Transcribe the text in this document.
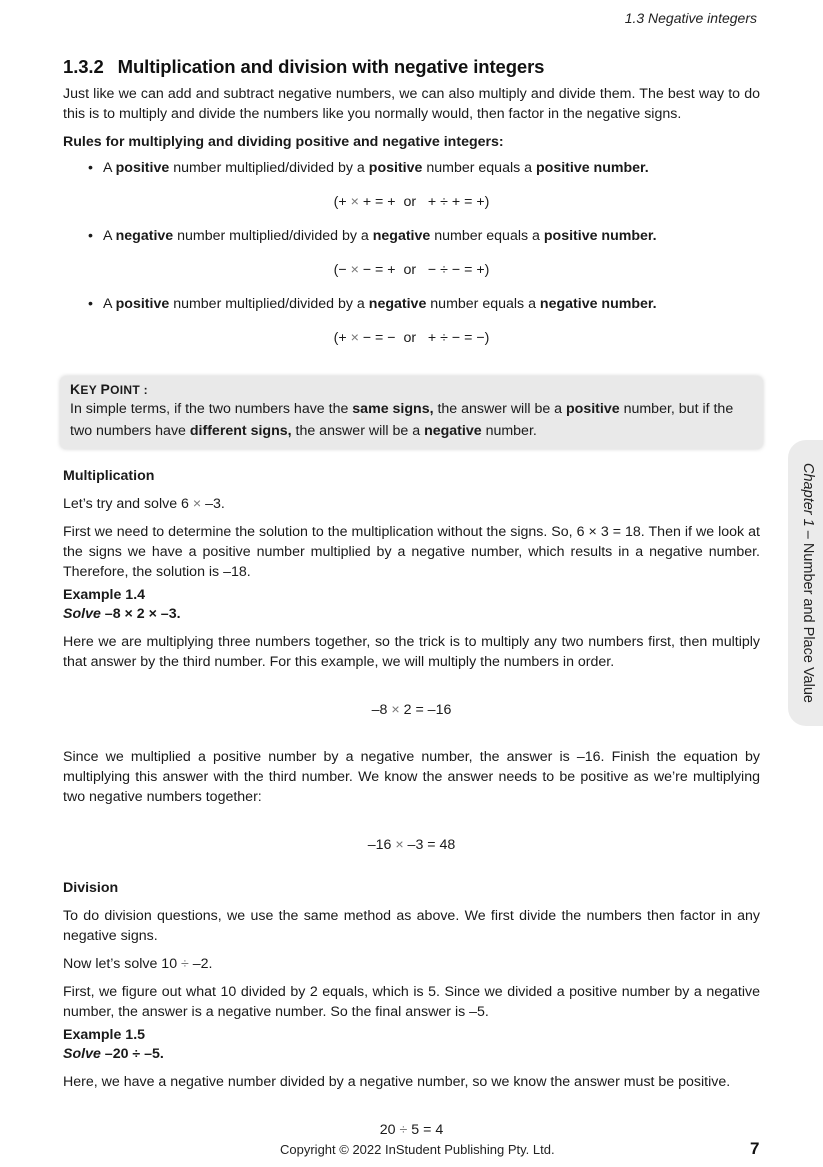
1.3 Negative integers
1.3.2 Multiplication and division with negative integers

Just like we can add and subtract negative numbers, we can also multiply and divide them. The best way to do this is to multiply and divide the numbers like you normally would, then factor in the negative signs.

Rules for multiplying and dividing positive and negative integers:

• A positive number multiplied/divided by a positive number equals a positive number.
(+ × + = + or + ÷ + = +)
• A negative number multiplied/divided by a negative number equals a positive number.
(− × − = + or − ÷ − = +)
• A positive number multiplied/divided by a negative number equals a negative number.
(+ × − = − or + ÷ − = −)
KEY POINT :
In simple terms, if the two numbers have the same signs, the answer will be a positive number, but if the two numbers have different signs, the answer will be a negative number.

Multiplication

Let’s try and solve 6 × –3.

First we need to determine the solution to the multiplication without the signs. So, 6 × 3 = 18. Then if we look at the signs we have a positive number multiplied by a negative number, which results in a negative number. Therefore, the solution is –18.

Example 1.4
Solve –8 × 2 × –3.

Here we are multiplying three numbers together, so the trick is to multiply any two numbers first, then multiply that answer by the third number. For this example, we will multiply the numbers in order.

–8 × 2 = –16

Since we multiplied a positive number by a negative number, the answer is –16. Finish the equation by multiplying this answer with the third number. We know the answer needs to be positive as we’re multiplying two negative numbers together:

–16 × –3 = 48

Division

To do division questions, we use the same method as above. We first divide the numbers then factor in any negative signs.

Now let’s solve 10 ÷ –2.

First, we figure out what 10 divided by 2 equals, which is 5. Since we divided a positive number by a negative number, the answer is a negative number. So the final answer is –5.

Example 1.5
Solve –20 ÷ –5.

Here, we have a negative number divided by a negative number, so we know the answer must be positive.

20 ÷ 5 = 4
Chapter 1 – Number and Place Value
Copyright © 2022 InStudent Publishing Pty. Ltd.	7
